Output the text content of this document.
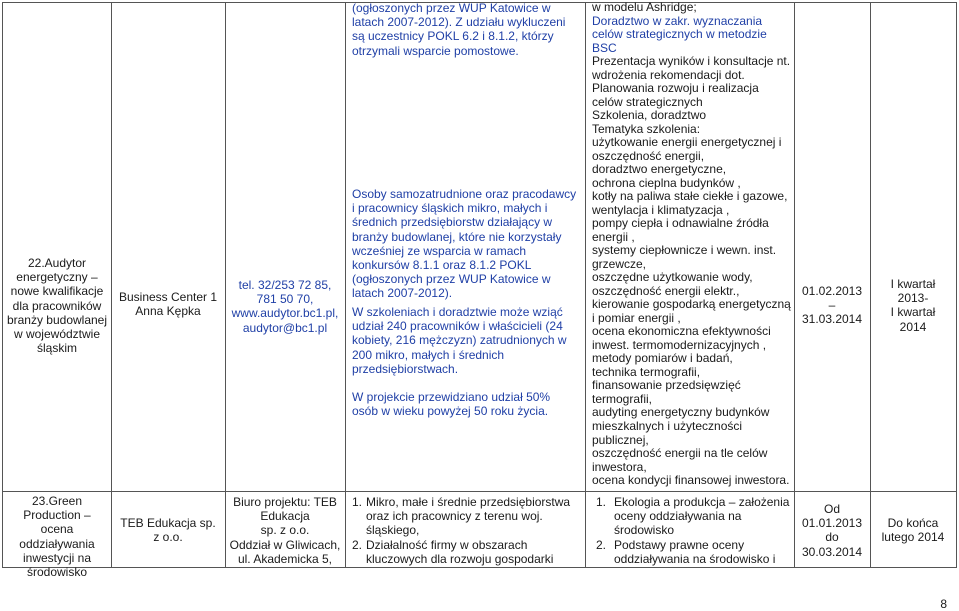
22.Audytor energetyczny – nowe kwalifikacje dla pracowników branży budowlanej w województwie śląskim
Business Center 1 Anna Kępka
tel. 32/253 72 85, 781 50 70, www.audytor.bc1.pl, audytor@bc1.pl
(ogłoszonych przez WUP Katowice w
latach 2007-2012). Z udziału wykluczeni
są uczestnicy POKL 6.2 i 8.1.2, którzy
otrzymali wsparcie pomostowe.
Osoby samozatrudnione oraz pracodawcy
i pracownicy śląskich mikro, małych i
średnich przedsiębiorstw działający w
branży budowlanej, które nie korzystały
wcześniej ze wsparcia w ramach
konkursów 8.1.1 oraz 8.1.2 POKL
(ogłoszonych przez WUP Katowice w
latach 2007-2012).
W szkoleniach i doradztwie może wziąć
udział 240 pracowników i właścicieli (24
kobiety, 216 mężczyzn) zatrudnionych w
200 mikro, małych i średnich
przedsiębiorstwach.
W projekcie przewidziano udział 50%
osób w wieku powyżej 50 roku życia.
w modelu Ashridge;
Doradztwo w zakr. wyznaczania
celów strategicznych w metodzie
BSC
Prezentacja wyników i konsultacje nt.
wdrożenia rekomendacji dot.
Planowania rozwoju i realizacja
celów strategicznych
Szkolenia, doradztwo
Tematyka szkolenia:
użytkowanie energii energetycznej i
oszczędność energii,
doradztwo energetyczne,
ochrona cieplna budynków ,
kotły na paliwa stałe ciekłe i gazowe,
wentylacja i klimatyzacja ,
pompy ciepła i odnawialne źródła
energii ,
systemy ciepłownicze i wewn. inst.
grzewcze,
oszczędne użytkowanie wody,
oszczędność energii elektr.,
kierowanie gospodarką energetyczną
i pomiar energii ,
ocena ekonomiczna efektywności
inwest. termomodernizacyjnych ,
metody pomiarów i badań,
technika termografii,
finansowanie przedsięwzięć
termografii,
audyting energetyczny budynków
mieszkalnych i użyteczności
publicznej,
oszczędność energii na tle celów
inwestora,
ocena kondycji finansowej inwestora.
01.02.2013
–
31.03.2014
I kwartał
2013-
I kwartał
2014
23.Green Production – ocena oddziaływania inwestycji na środowisko
TEB Edukacja sp. z o.o.
Biuro projektu: TEB
Edukacja
sp. z o.o.
Oddział w Gliwicach,
ul. Akademicka 5,
1. Mikro, małe i średnie przedsiębiorstwa
oraz ich pracownicy z terenu woj.
śląskiego,
2. Działalność firmy w obszarach
kluczowych dla rozwoju gospodarki
1. Ekologia a produkcja – założenia
oceny oddziaływania na
środowisko
2. Podstawy prawne oceny
oddziaływania na środowisko i
Od
01.01.2013
do
30.03.2014
Do końca
lutego 2014
8
